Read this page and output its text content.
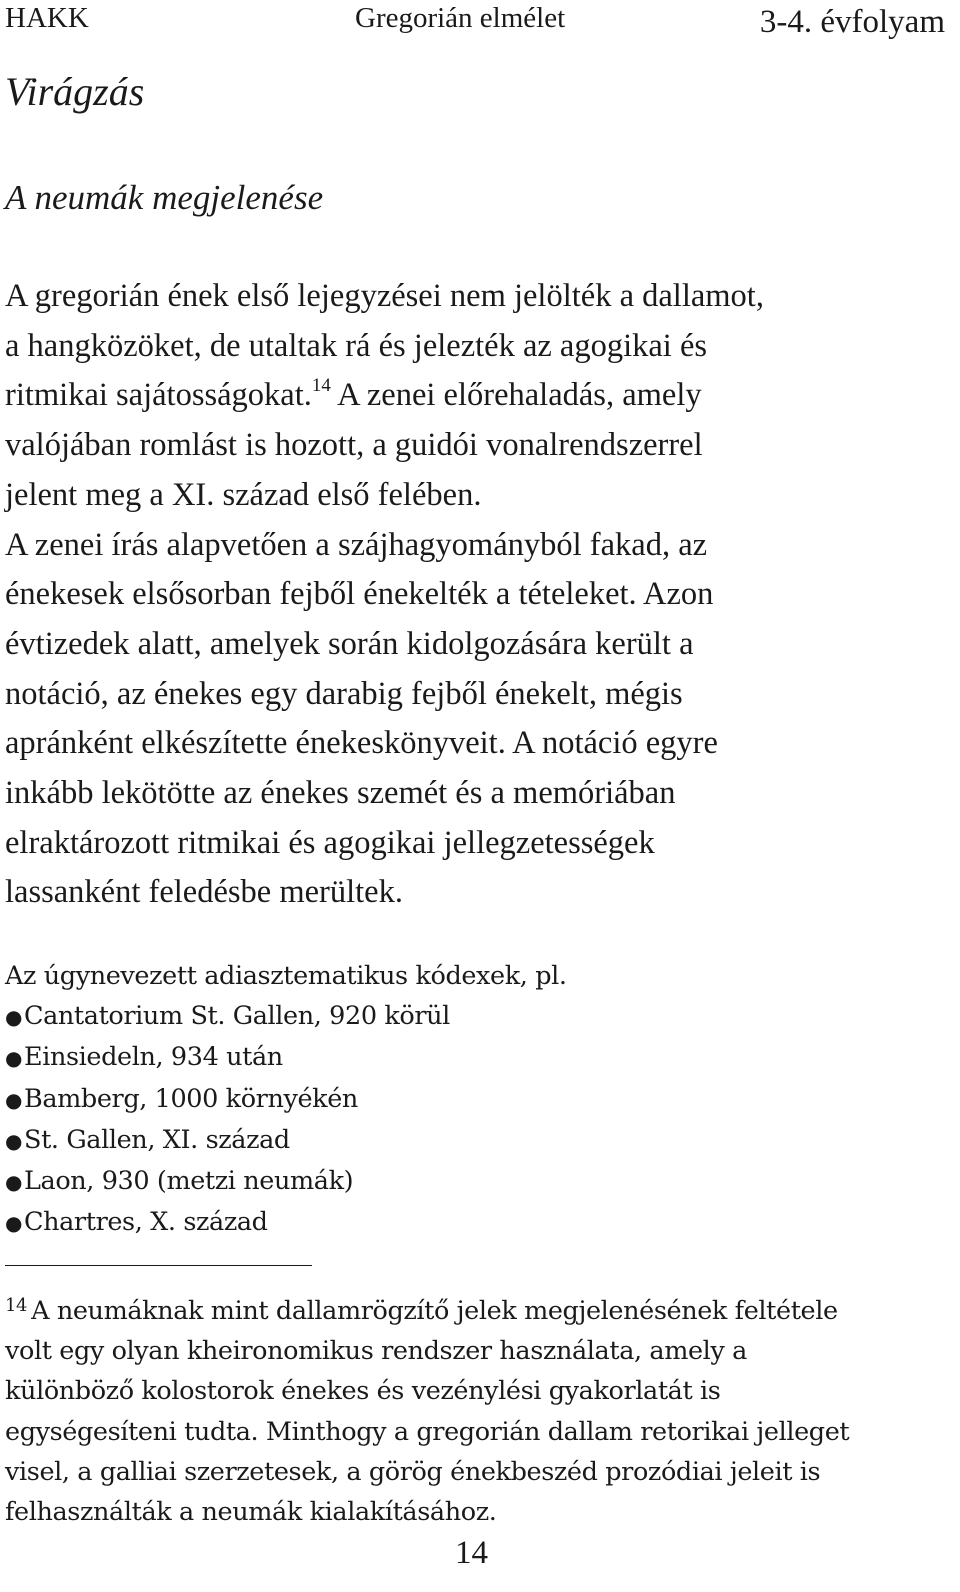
HAKK	Gregorián elmélet	3-4. évfolyam
Virágzás
A neumák megjelenése
A gregorián ének első lejegyzései nem jelölték a dallamot,
a hangközöket, de utaltak rá és jelezték az agogikai és
ritmikai sajátosságokat.$^{14}$ A zenei előrehaladás, amely
valójában romlást is hozott, a guidói vonalrendszerrel
jelent meg a XI. század első felében.
A zenei írás alapvetően a szájhagyományból fakad, az
énekesek elsősorban fejből énekelték a tételeket. Azon
évtizedek alatt, amelyek során kidolgozására került a
notáció, az énekes egy darabig fejből énekelt, mégis
apránként elkészítette énekeskönyveit. A notáció egyre
inkább lekötötte az énekes szemét és a memóriában
elraktározott ritmikai és agogikai jellegzetességek
lassanként feledésbe merültek.
Az úgynevezett adiasztematikus kódexek, pl.
●Cantatorium St. Gallen, 920 körül
●Einsiedeln, 934 után
●Bamberg, 1000 környékén
●St. Gallen, XI. század
●Laon, 930 (metzi neumák)
●Chartres, X. század
$^{14}$ A neumáknak mint dallamrögzítő jelek megjelenésének feltétele
volt egy olyan kheironomikus rendszer használata, amely a
különböző kolostorok énekes és vezénylési gyakorlatát is
egységesíteni tudta. Minthogy a gregorián dallam retorikai jelleget
visel, a galliai szerzetesek, a görög énekbeszéd prozódiai jeleit is
felhasználták a neumák kialakításához.
14
